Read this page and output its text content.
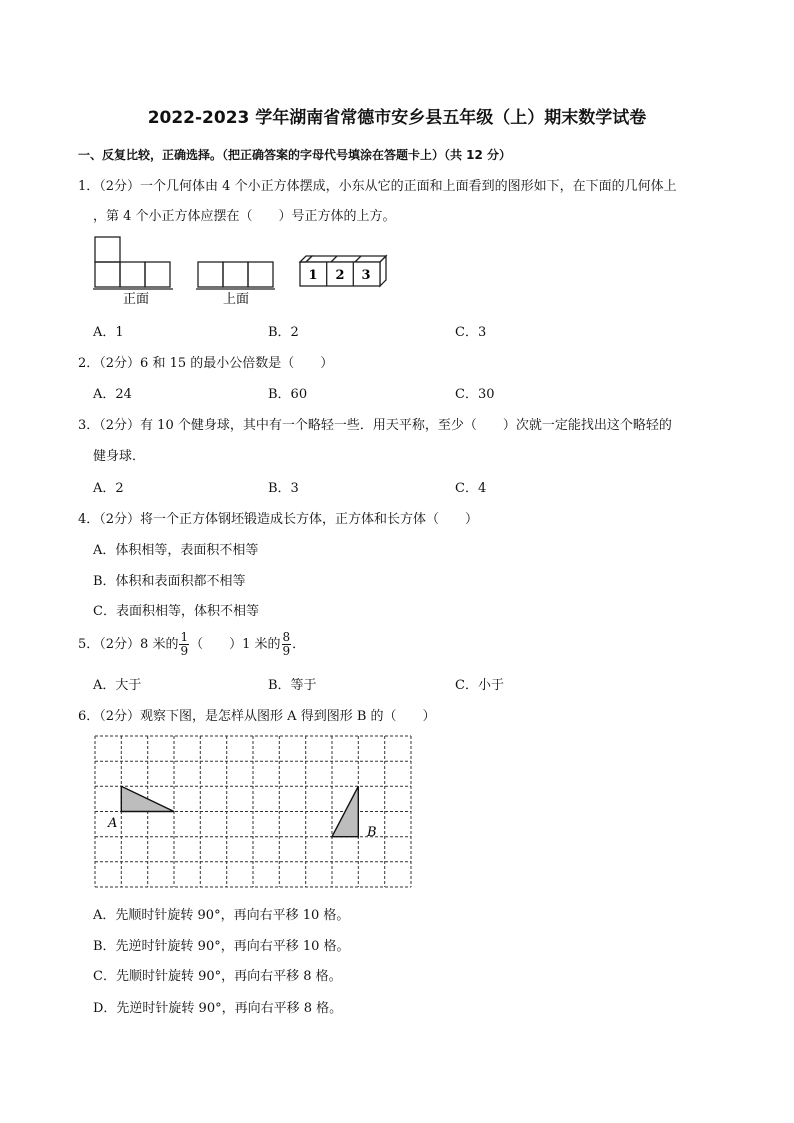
2022-2023 学年湖南省常德市安乡县五年级（上）期末数学试卷
一、反复比较，正确选择。（把正确答案的字母代号填涂在答题卡上）（共 12 分）
1．（2分）一个几何体由 4 个小正方体摆成，小东从它的正面和上面看到的图形如下，在下面的几何体上
，第 4 个小正方体应摆在（　　）号正方体的上方。
1 2 3
正面	上面
A．1	B．2	C．3
2．（2分）6 和 15 的最小公倍数是（　　）
A．24	B．60	C．30
3．（2分）有 10 个健身球，其中有一个略轻一些．用天平称，至少（　　）次就一定能找出这个略轻的
健身球．
A．2	B．3	C．4
4．（2分）将一个正方体钢坯锻造成长方体，正方体和长方体（　　）
A．体积相等，表面积不相等
B．体积和表面积都不相等
C．表面积相等，体积不相等
5．（2分）8 米的 $\frac{1}{9}$ （　　）1 米的 $\frac{8}{9}$ ．
A．大于	B．等于	C．小于
6．（2分）观察下图，是怎样从图形 A 得到图形 B 的（　　）
A
B
A．先顺时针旋转 90°，再向右平移 10 格。
B．先逆时针旋转 90°，再向右平移 10 格。
C．先顺时针旋转 90°，再向右平移 8 格。
D．先逆时针旋转 90°，再向右平移 8 格。
